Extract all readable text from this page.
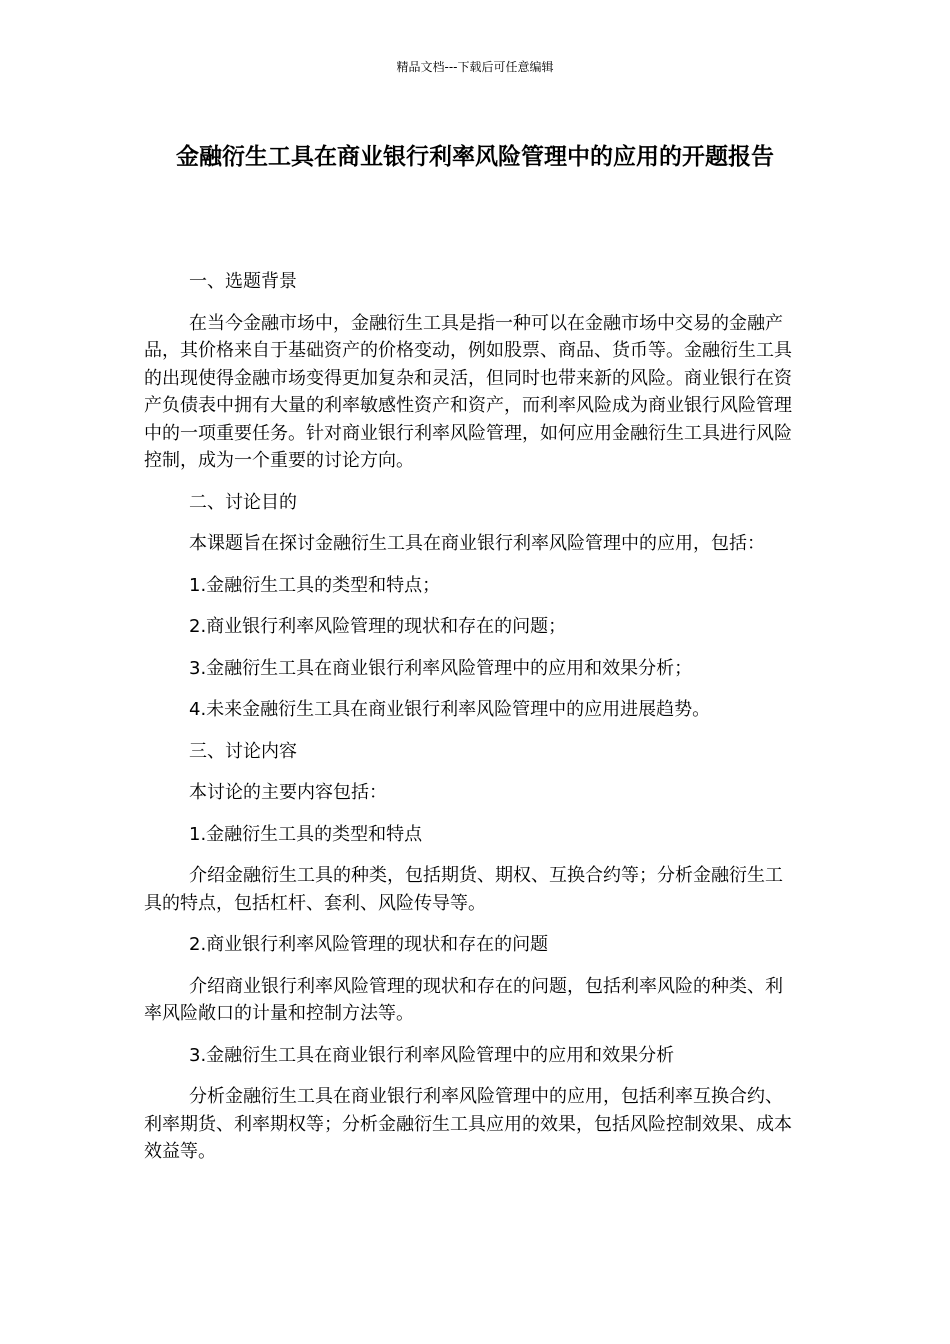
精品文档---下载后可任意编辑
金融衍生工具在商业银行利率风险管理中的应用的开题报告

一、选题背景

在当今金融市场中，金融衍生工具是指一种可以在金融市场中交易的金融产品，其价格来自于基础资产的价格变动，例如股票、商品、货币等。金融衍生工具的出现使得金融市场变得更加复杂和灵活，但同时也带来新的风险。商业银行在资产负债表中拥有大量的利率敏感性资产和资产，而利率风险成为商业银行风险管理中的一项重要任务。针对商业银行利率风险管理，如何应用金融衍生工具进行风险控制，成为一个重要的讨论方向。

二、讨论目的

本课题旨在探讨金融衍生工具在商业银行利率风险管理中的应用，包括：

1.金融衍生工具的类型和特点；

2.商业银行利率风险管理的现状和存在的问题；

3.金融衍生工具在商业银行利率风险管理中的应用和效果分析；

4.未来金融衍生工具在商业银行利率风险管理中的应用进展趋势。

三、讨论内容

本讨论的主要内容包括：

1.金融衍生工具的类型和特点

介绍金融衍生工具的种类，包括期货、期权、互换合约等；分析金融衍生工具的特点，包括杠杆、套利、风险传导等。

2.商业银行利率风险管理的现状和存在的问题

介绍商业银行利率风险管理的现状和存在的问题，包括利率风险的种类、利率风险敞口的计量和控制方法等。

3.金融衍生工具在商业银行利率风险管理中的应用和效果分析

分析金融衍生工具在商业银行利率风险管理中的应用，包括利率互换合约、利率期货、利率期权等；分析金融衍生工具应用的效果，包括风险控制效果、成本效益等。
